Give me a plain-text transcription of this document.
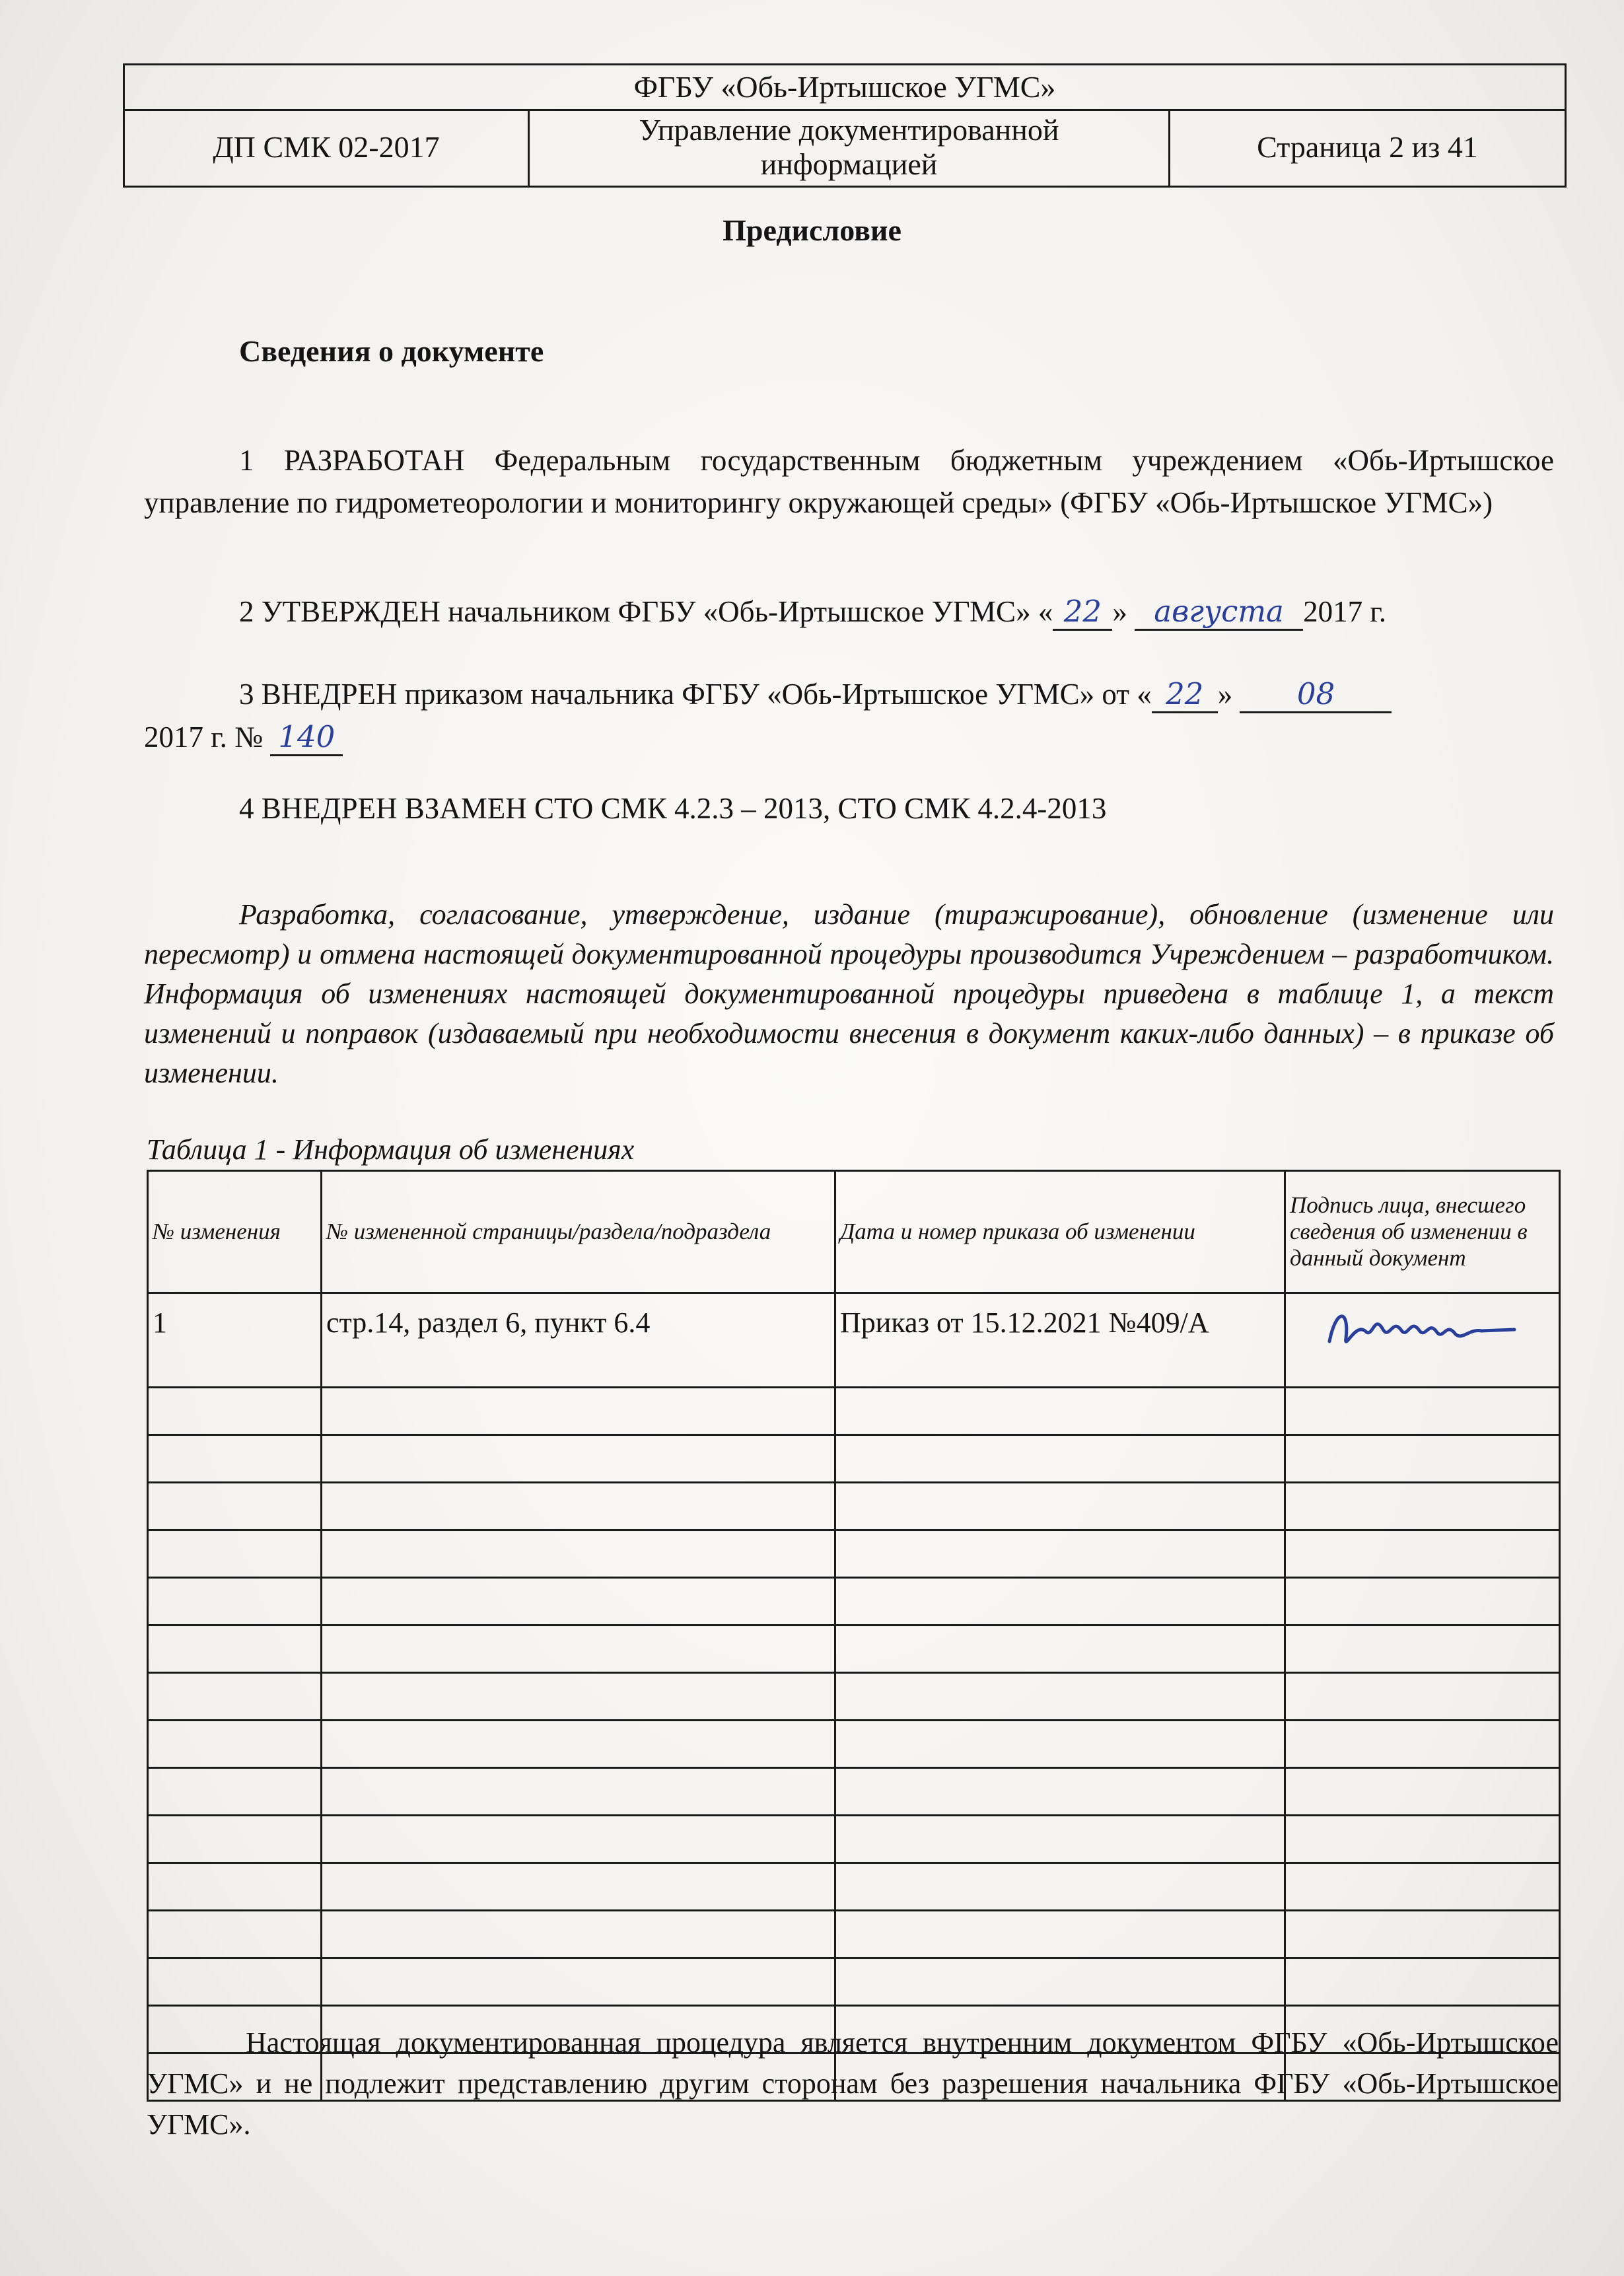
ФГБУ «Обь-Иртышское УГМС»
ДП СМК 02-2017
Управление документированной информацией
Страница 2 из 41
Предисловие
Сведения о документе
1 РАЗРАБОТАН Федеральным государственным бюджетным учреждением «Обь-Иртышское управление по гидрометеорологии и мониторингу окружающей среды» (ФГБУ «Обь-Иртышское УГМС»)
2 УТВЕРЖДЕН начальником ФГБУ «Обь-Иртышское УГМС» « 22 » августа 2017 г.
3 ВНЕДРЕН приказом начальника ФГБУ «Обь-Иртышское УГМС» от « 22 » 08
2017 г. № 140
4 ВНЕДРЕН ВЗАМЕН СТО СМК 4.2.3 – 2013, СТО СМК 4.2.4-2013
Разработка, согласование, утверждение, издание (тиражирование), обновление (изменение или пересмотр) и отмена настоящей документированной процедуры производится Учреждением – разработчиком. Информация об изменениях настоящей документированной процедуры приведена в таблице 1, а текст изменений и поправок (издаваемый при необходимости внесения в документ каких-либо данных) – в приказе об изменении.
Таблица 1 - Информация об изменениях
№ изменения	№ измененной страницы/раздела/подраздела	Дата и номер приказа об изменении	Подпись лица, внесшего сведения об изменении в данный документ
1	стр.14, раздел 6, пункт 6.4	Приказ от 15.12.2021 №409/А	

Настоящая документированная процедура является внутренним документом ФГБУ «Обь-Иртышское УГМС» и не подлежит представлению другим сторонам без разрешения начальника ФГБУ «Обь-Иртышское УГМС».
